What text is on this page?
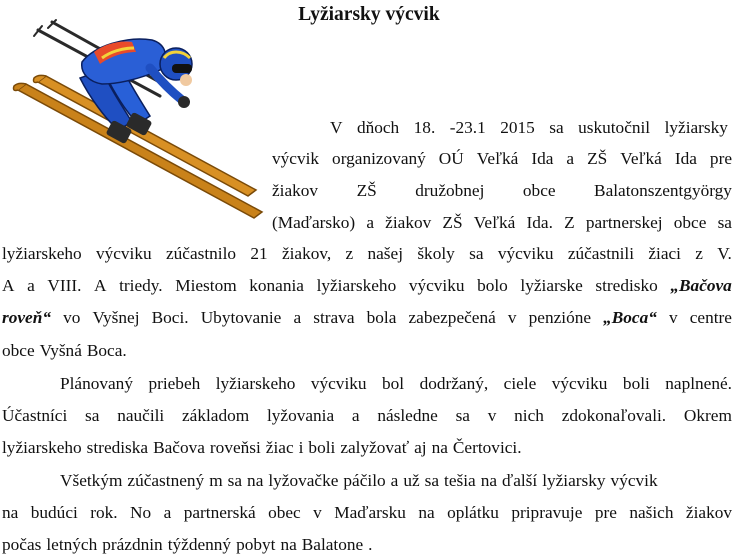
Lyžiarsky výcvik
V dňoch 18. -23.1 2015 sa uskutočnil lyžiarsky
výcvik organizovaný OÚ Veľká Ida a ZŠ Veľká Ida pre
žiakov ZŠ družobnej obce Balatonszentgyörgy
(Maďarsko) a žiakov ZŠ Veľká Ida. Z partnerskej obce sa
lyžiarskeho výcviku zúčastnilo 21 žiakov, z našej školy sa výcviku zúčastnili žiaci z V.
A a VIII. A triedy. Miestom konania lyžiarskeho výcviku bolo lyžiarske stredisko „Bačova
roveň“ vo Vyšnej Boci. Ubytovanie a strava bola zabezpečená v penzióne „Boca“ v centre
obce Vyšná Boca.
Plánovaný priebeh lyžiarskeho výcviku bol dodržaný, ciele výcviku boli naplnené.
Účastníci sa naučili základom lyžovania a následne sa v nich zdokonaľovali. Okrem
lyžiarskeho strediska Bačova roveňsi žiac i boli zalyžovať aj na Čertovici.
Všetkým zúčastnený m sa na lyžovačke páčilo a už sa tešia na ďalší lyžiarsky výcvik
na budúci rok. No a partnerská obec v Maďarsku na oplátku pripravuje pre našich žiakov
počas letných prázdnin týždenný pobyt na Balatone .
